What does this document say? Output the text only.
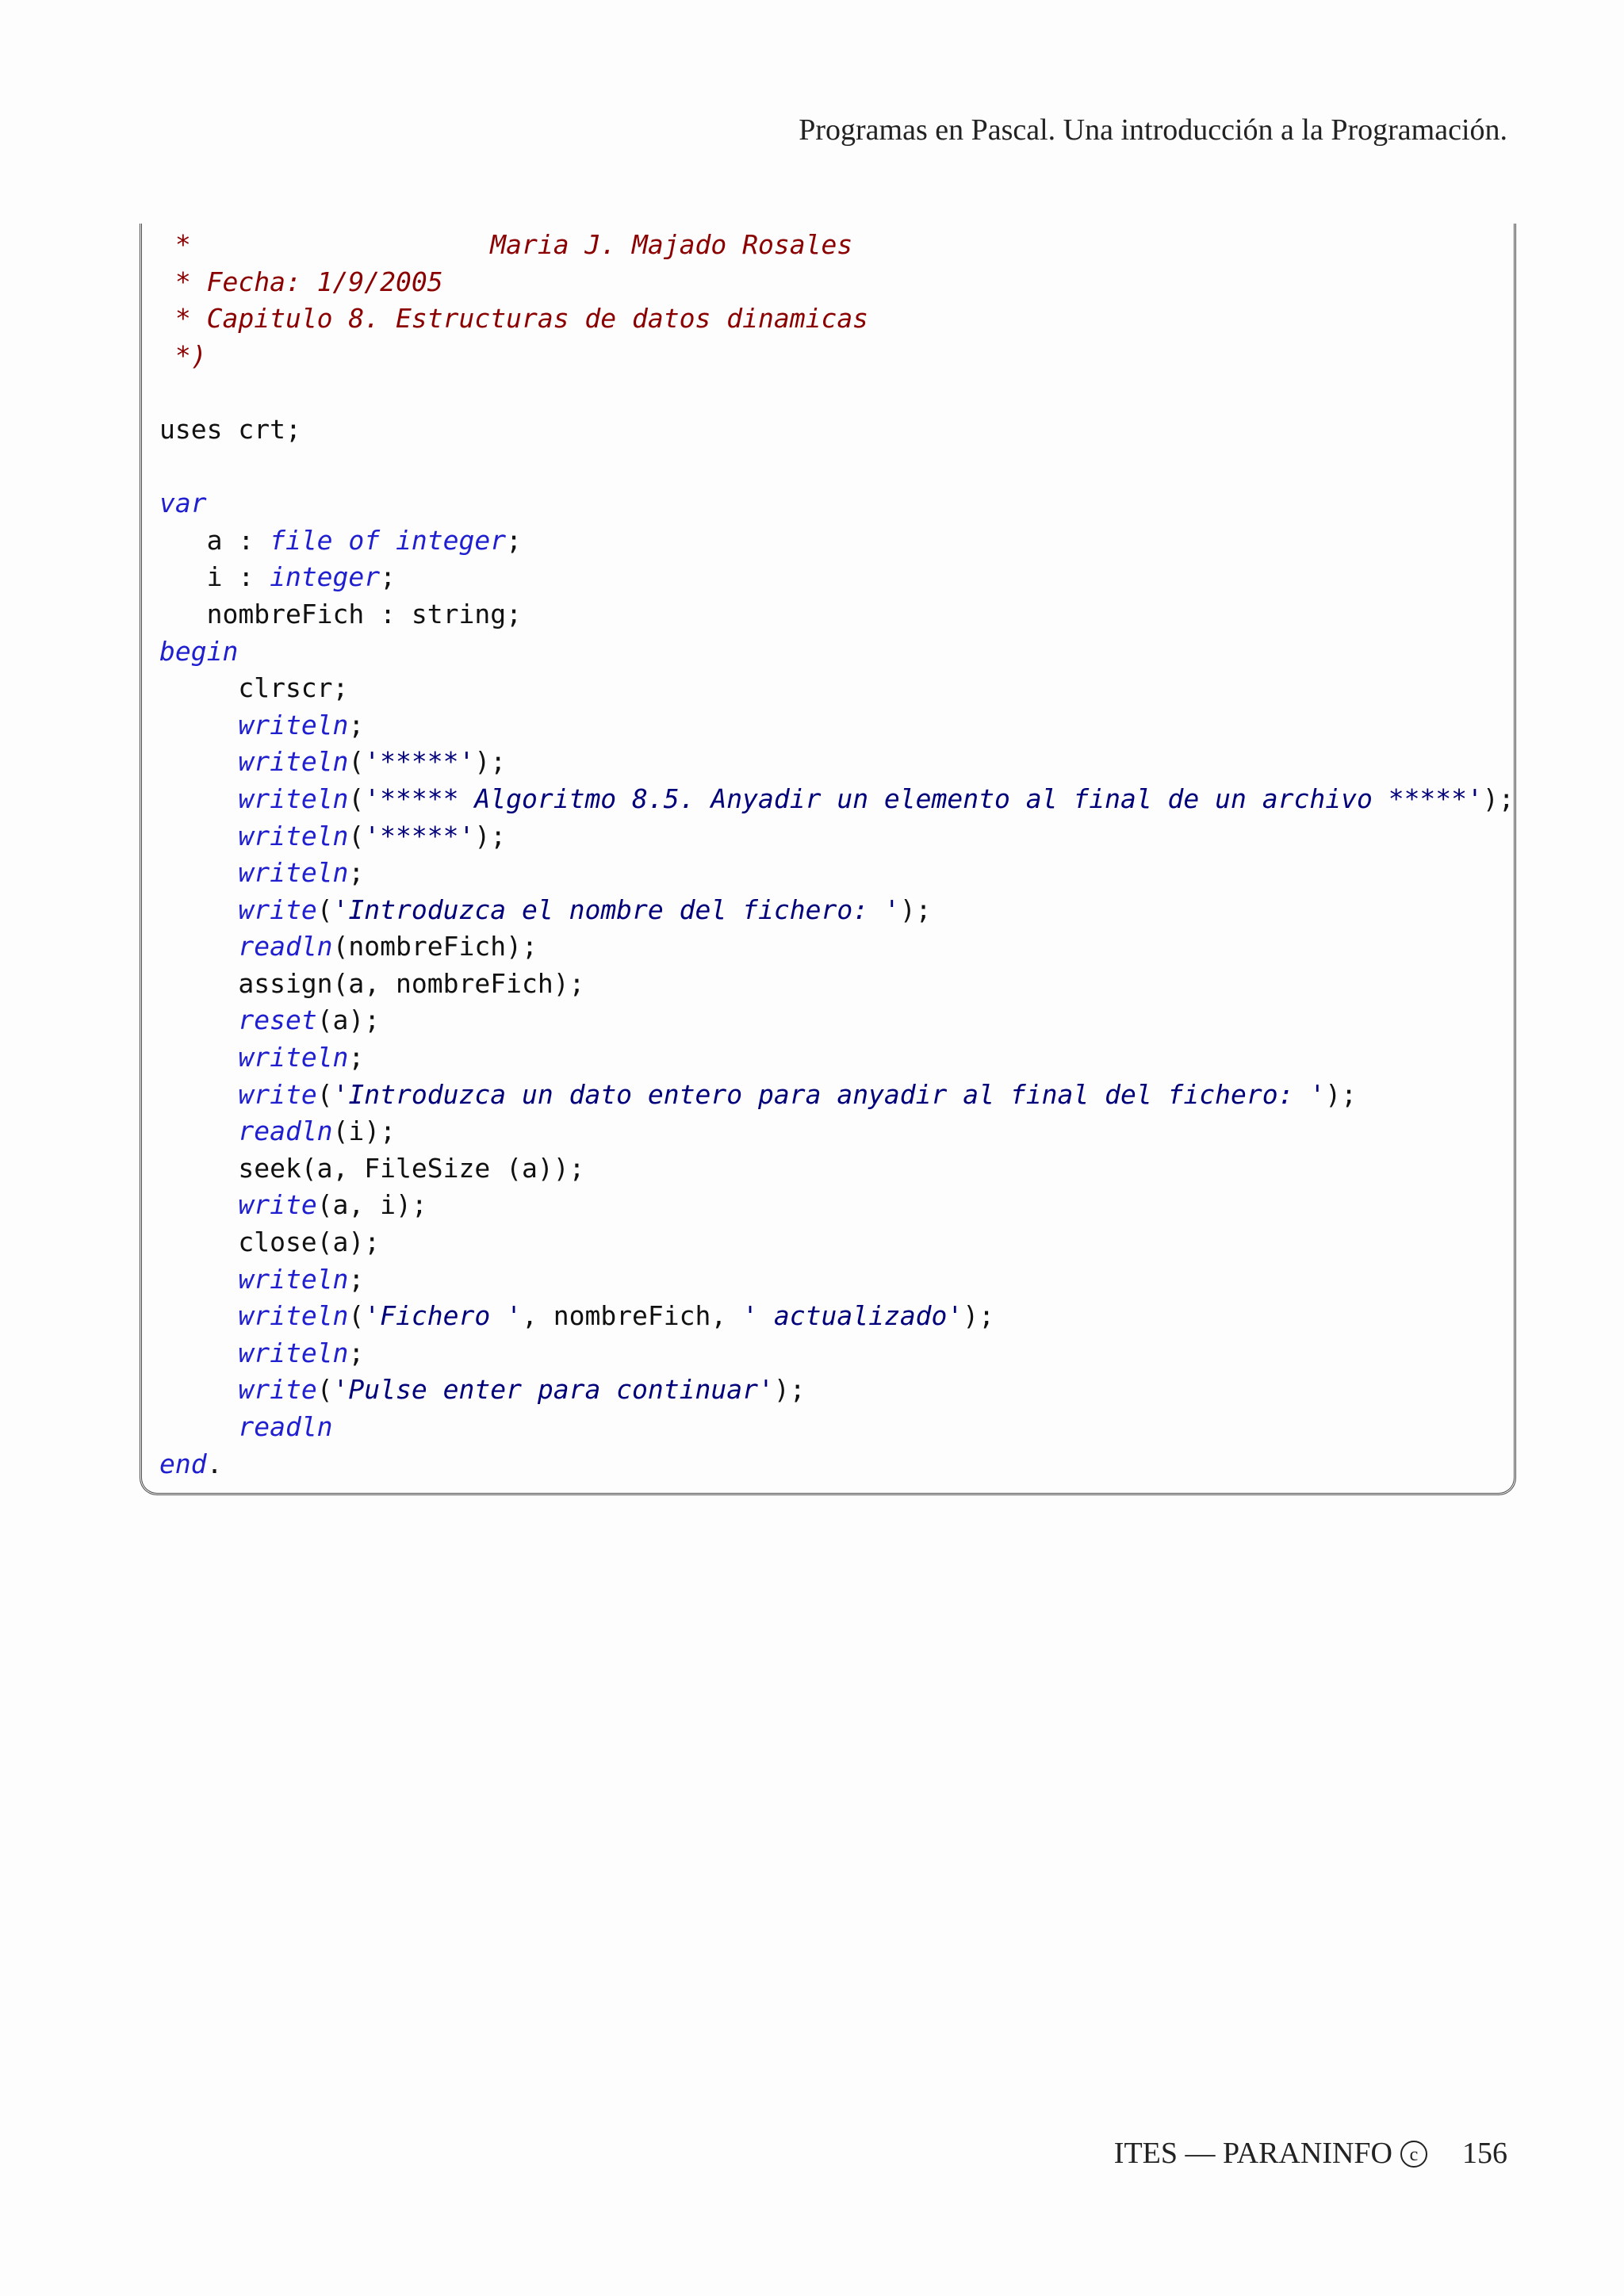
Programas en Pascal. Una introducción a la Programación.
*                   Maria J. Majado Rosales
* Fecha: 1/9/2005
* Capitulo 8. Estructuras de datos dinamicas
*)
uses crt;
var
a : file of integer;
i : integer;
nombreFich : string;
begin
clrscr;
writeln;
writeln('*****');
writeln('***** Algoritmo 8.5. Anyadir un elemento al final de un archivo *****');
writeln('*****');
writeln;
write('Introduzca el nombre del fichero: ');
readln(nombreFich);
assign(a, nombreFich);
reset(a);
writeln;
write('Introduzca un dato entero para anyadir al final del fichero: ');
readln(i);
seek(a, FileSize (a));
write(a, i);
close(a);
writeln;
writeln('Fichero ', nombreFich, ' actualizado');
writeln;
write('Pulse enter para continuar');
readln
end.
ITES — PARANINFO c 156
